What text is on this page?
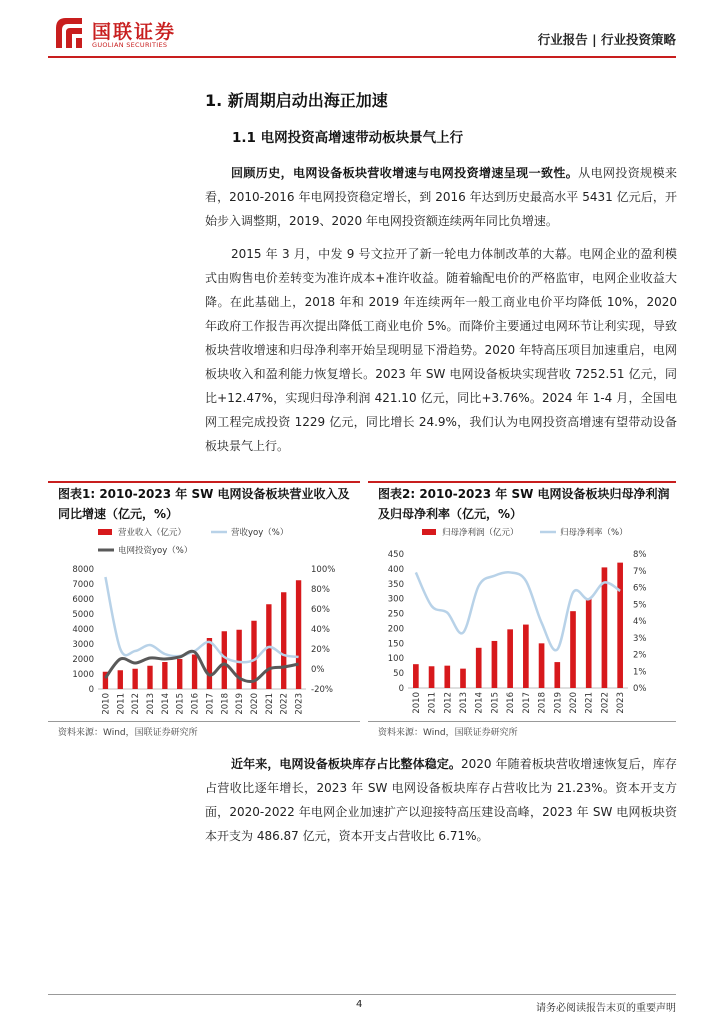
国联证券
GUOLIAN SECURITIES	行业报告 | 行业投资策略
1. 新周期启动出海正加速
1.1 电网投资高增速带动板块景气上行
回顾历史，电网设备板块营收增速与电网投资增速呈现一致性。从电网投资规模来看，2010-2016 年电网投资稳定增长，到 2016 年达到历史最高水平 5431 亿元后，开始步入调整期，2019、2020 年电网投资额连续两年同比负增速。
2015 年 3 月，中发 9 号文拉开了新一轮电力体制改革的大幕。电网企业的盈利模式由购售电价差转变为准许成本+准许收益。随着输配电价的严格监审，电网企业收益大降。在此基础上，2018 年和 2019 年连续两年一般工商业电价平均降低 10%，2020 年政府工作报告再次提出降低工商业电价 5%。而降价主要通过电网环节让利实现，导致板块营收增速和归母净利率开始呈现明显下滑趋势。2020 年特高压项目加速重启，电网板块收入和盈利能力恢复增长。2023 年 SW 电网设备板块实现营收 7252.51 亿元，同比+12.47%，实现归母净利润 421.10 亿元，同比+3.76%。2024 年 1-4 月，全国电网工程完成投资 1229 亿元，同比增长 24.9%，我们认为电网投资高增速有望带动设备板块景气上行。
图表1: 2010-2023 年 SW 电网设备板块营业收入及同比增速（亿元，%）
0
1000
2000
3000
4000
5000
6000
7000
8000
-20%
0%
20%
40%
60%
80%
100%
2010 2011 2012 2013 2014 2015 2016 2017 2018 2019 2020 2021 2022 2023
营业收入（亿元）	营收yoy（%）
电网投资yoy（%）
资料来源：Wind，国联证券研究所
图表2: 2010-2023 年 SW 电网设备板块归母净利润及归母净利率（亿元，%）
0
50
100
150
200
250
300
350
400
450
0%
1%
2%
3%
4%
5%
6%
7%
8%
2010 2011 2012 2013 2014 2015 2016 2017 2018 2019 2020 2021 2022 2023
归母净利润（亿元）	归母净利率（%）
资料来源：Wind，国联证券研究所
近年来，电网设备板块库存占比整体稳定。2020 年随着板块营收增速恢复后，库存占营收比逐年增长，2023 年 SW 电网设备板块库存占营收比为 21.23%。资本开支方面，2020-2022 年电网企业加速扩产以迎接特高压建设高峰，2023 年 SW 电网板块资本开支为 486.87 亿元，资本开支占营收比 6.71%。
4	请务必阅读报告末页的重要声明
